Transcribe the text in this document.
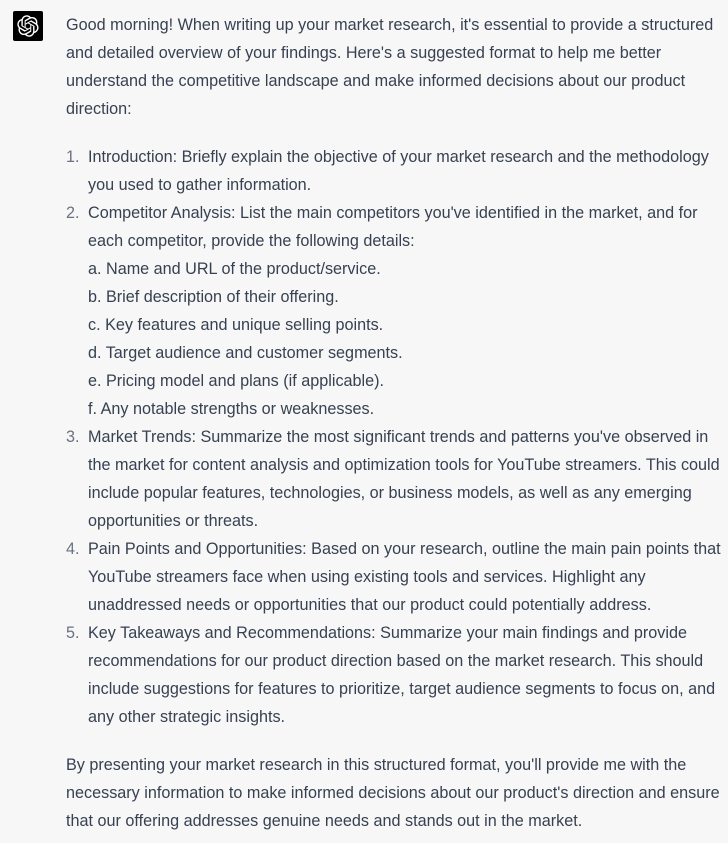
Good morning! When writing up your market research, it's essential to provide a structured and detailed overview of your findings. Here's a suggested format to help me better understand the competitive landscape and make informed decisions about our product direction:

1. Introduction: Briefly explain the objective of your market research and the methodology you used to gather information.
2. Competitor Analysis: List the main competitors you've identified in the market, and for each competitor, provide the following details:
a. Name and URL of the product/service.
b. Brief description of their offering.
c. Key features and unique selling points.
d. Target audience and customer segments.
e. Pricing model and plans (if applicable).
f. Any notable strengths or weaknesses.
3. Market Trends: Summarize the most significant trends and patterns you've observed in the market for content analysis and optimization tools for YouTube streamers. This could include popular features, technologies, or business models, as well as any emerging opportunities or threats.
4. Pain Points and Opportunities: Based on your research, outline the main pain points that YouTube streamers face when using existing tools and services. Highlight any unaddressed needs or opportunities that our product could potentially address.
5. Key Takeaways and Recommendations: Summarize your main findings and provide recommendations for our product direction based on the market research. This should include suggestions for features to prioritize, target audience segments to focus on, and any other strategic insights.

By presenting your market research in this structured format, you'll provide me with the necessary information to make informed decisions about our product's direction and ensure that our offering addresses genuine needs and stands out in the market.
